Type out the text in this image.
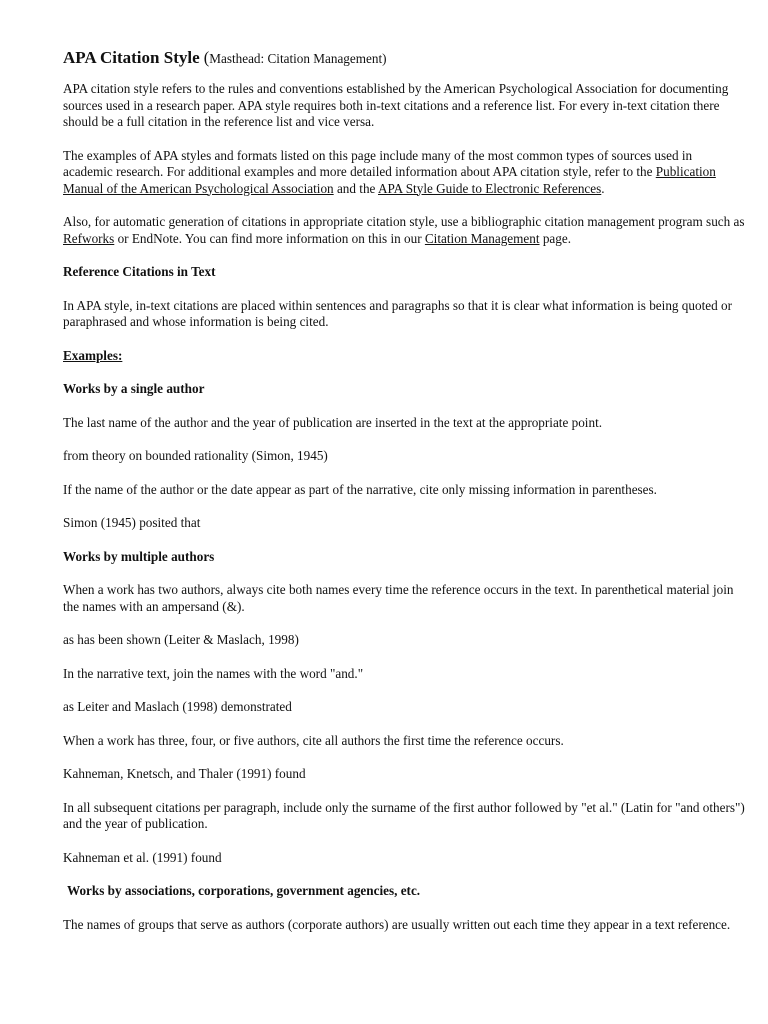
APA Citation Style (Masthead: Citation Management)

APA citation style refers to the rules and conventions established by the American Psychological Association for documenting sources used in a research paper. APA style requires both in-text citations and a reference list. For every in-text citation there should be a full citation in the reference list and vice versa.

The examples of APA styles and formats listed on this page include many of the most common types of sources used in academic research. For additional examples and more detailed information about APA citation style, refer to the Publication Manual of the American Psychological Association and the APA Style Guide to Electronic References.

Also, for automatic generation of citations in appropriate citation style, use a bibliographic citation management program such as Refworks or EndNote. You can find more information on this in our Citation Management page.

Reference Citations in Text

In APA style, in-text citations are placed within sentences and paragraphs so that it is clear what information is being quoted or paraphrased and whose information is being cited.

Examples:

Works by a single author

The last name of the author and the year of publication are inserted in the text at the appropriate point.

from theory on bounded rationality (Simon, 1945)

If the name of the author or the date appear as part of the narrative, cite only missing information in parentheses.

Simon (1945) posited that

Works by multiple authors

When a work has two authors, always cite both names every time the reference occurs in the text. In parenthetical material join the names with an ampersand (&).

as has been shown (Leiter & Maslach, 1998)

In the narrative text, join the names with the word "and."

as Leiter and Maslach (1998) demonstrated

When a work has three, four, or five authors, cite all authors the first time the reference occurs.

Kahneman, Knetsch, and Thaler (1991) found

In all subsequent citations per paragraph, include only the surname of the first author followed by "et al." (Latin for "and others") and the year of publication.

Kahneman et al. (1991) found

Works by associations, corporations, government agencies, etc.

The names of groups that serve as authors (corporate authors) are usually written out each time they appear in a text reference.
